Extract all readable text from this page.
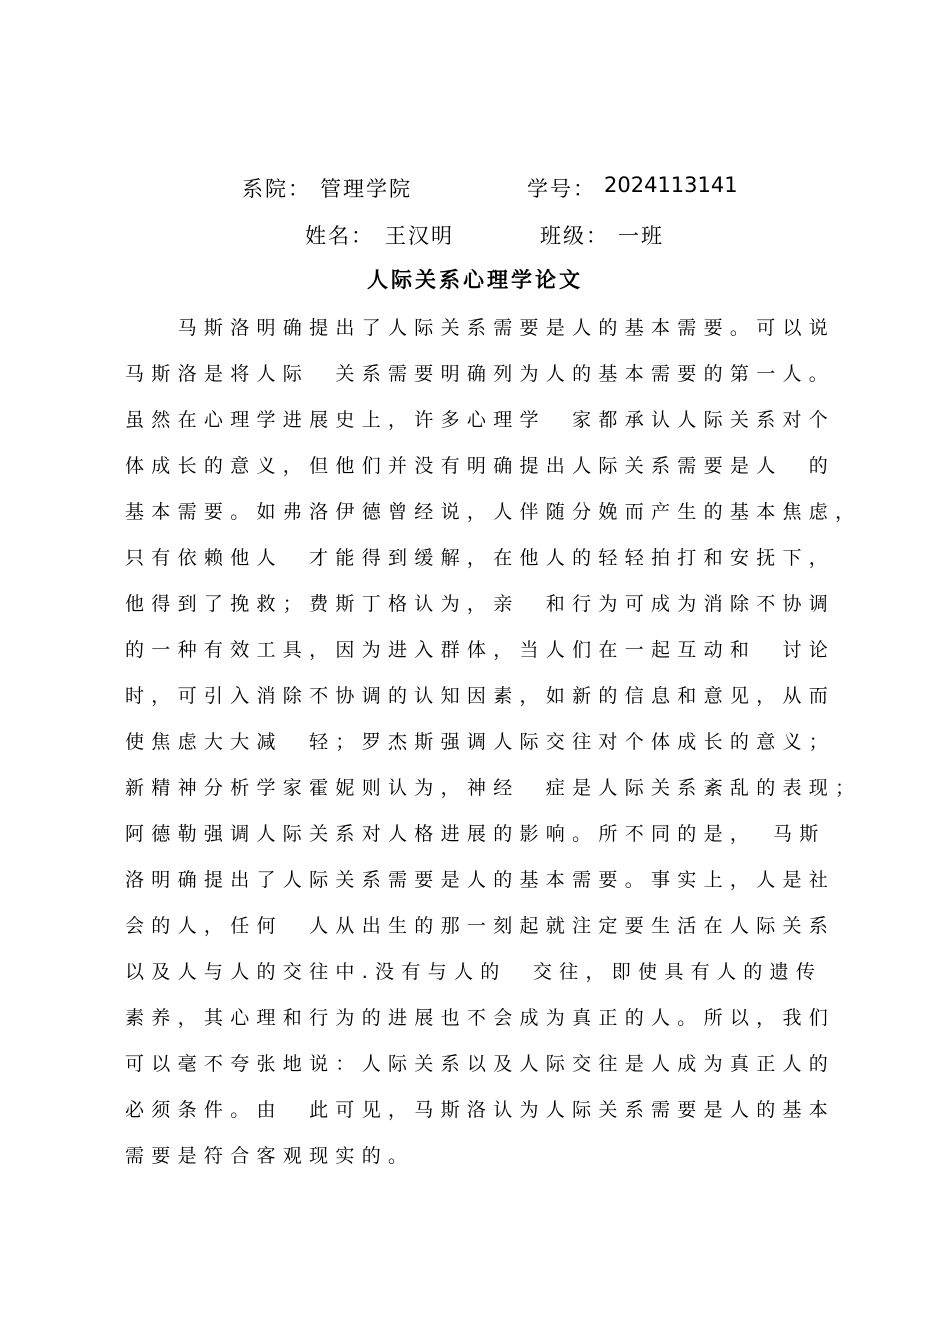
系院： 管理学院	学号： 2024113141
姓名： 王汉明	班级： 一班
人际关系心理学论文
　　马斯洛明确提出了人际关系需要是人的基本需要。可以说
马斯洛是将人际　关系需要明确列为人的基本需要的第一人。
虽然在心理学进展史上，许多心理学　家都承认人际关系对个
体成长的意义，但他们并没有明确提出人际关系需要是人　的
基本需要。如弗洛伊德曾经说，人伴随分娩而产生的基本焦虑，
只有依赖他人　才能得到缓解，在他人的轻轻拍打和安抚下，
他得到了挽救；费斯丁格认为，亲　和行为可成为消除不协调
的一种有效工具，因为进入群体，当人们在一起互动和　讨论
时，可引入消除不协调的认知因素，如新的信息和意见，从而
使焦虑大大减　轻；罗杰斯强调人际交往对个体成长的意义；
新精神分析学家霍妮则认为，神经　症是人际关系紊乱的表现；
阿德勒强调人际关系对人格进展的影响。所不同的是，　马斯
洛明确提出了人际关系需要是人的基本需要。事实上，人是社
会的人，任何　人从出生的那一刻起就注定要生活在人际关系
以及人与人的交往中.没有与人的　交往，即使具有人的遗传
素养，其心理和行为的进展也不会成为真正的人。所以，我们
可以毫不夸张地说：人际关系以及人际交往是人成为真正人的
必须条件。由　此可见，马斯洛认为人际关系需要是人的基本
需要是符合客观现实的。
